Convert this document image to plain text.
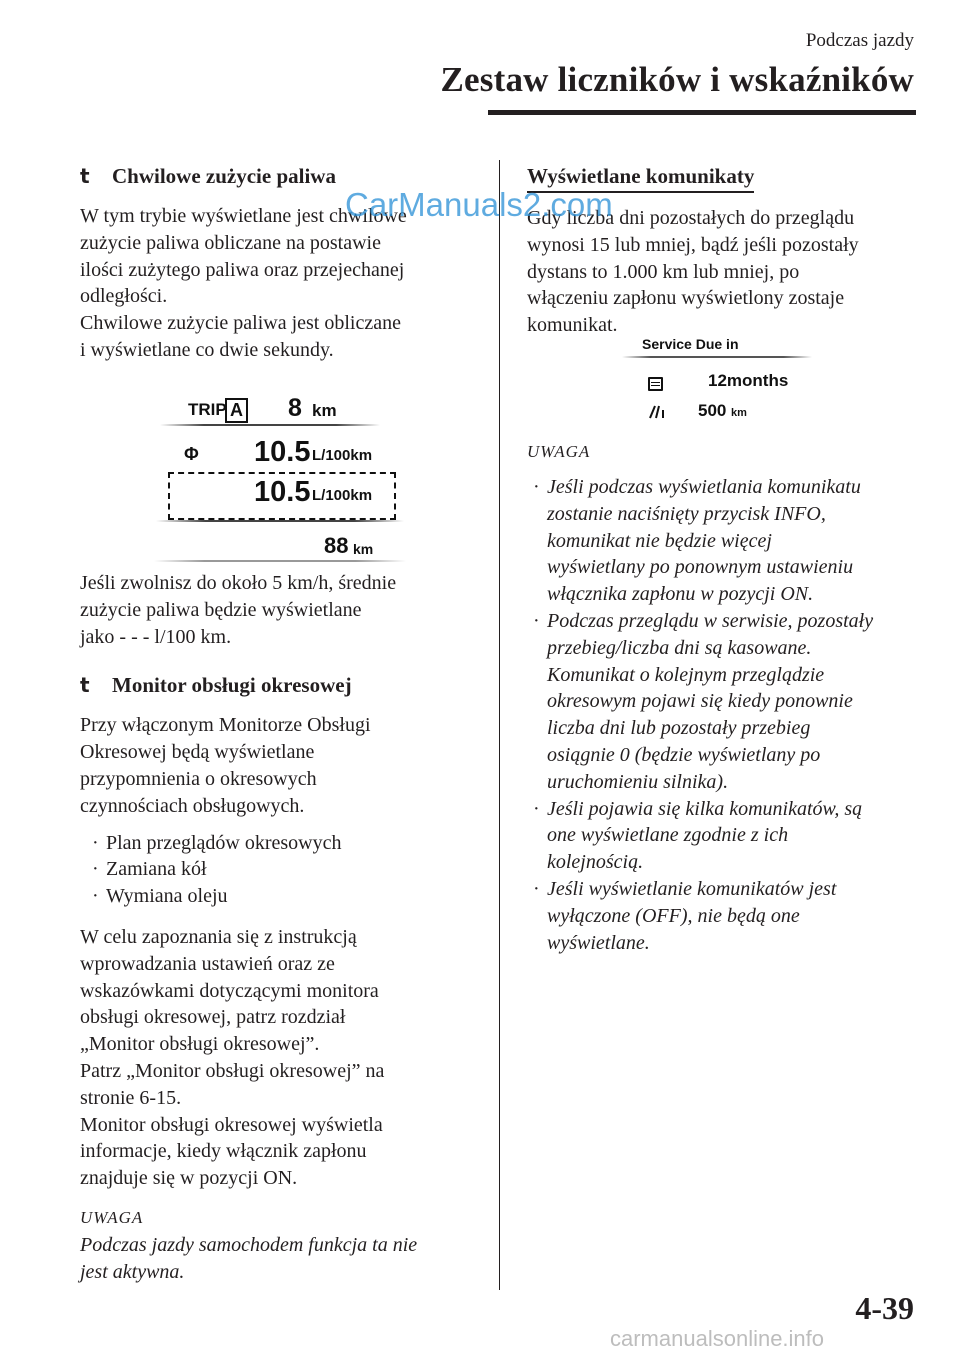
Podczas jazdy
Zestaw liczników i wskaźników
t Chwilowe zużycie paliwa

W tym trybie wyświetlane jest chwilowe
zużycie paliwa obliczane na postawie
ilości zużytego paliwa oraz przejechanej
odległości.
Chwilowe zużycie paliwa jest obliczane
i wyświetlane co dwie sekundy.

TRIP A 8 km
Φ 10.5 L/100km
10.5 L/100km
88 km

Jeśli zwolnisz do około 5 km/h, średnie
zużycie paliwa będzie wyświetlane
jako - - - l/100 km.

t Monitor obsługi okresowej

Przy włączonym Monitorze Obsługi
Okresowej będą wyświetlane
przypomnienia o okresowych
czynnościach obsługowych.

· Plan przeglądów okresowych
· Zamiana kół
· Wymiana oleju

W celu zapoznania się z instrukcją
wprowadzania ustawień oraz ze
wskazówkami dotyczącymi monitora
obsługi okresowej, patrz rozdział
„Monitor obsługi okresowej”.
Patrz „Monitor obsługi okresowej” na
stronie 6-15.
Monitor obsługi okresowej wyświetla
informacje, kiedy włącznik zapłonu
znajduje się w pozycji ON.

UWAGA

Podczas jazdy samochodem funkcja ta nie
jest aktywna.

Wyświetlane komunikaty

Gdy liczba dni pozostałych do przeglądu
wynosi 15 lub mniej, bądź jeśli pozostały
dystans to 1.000 km lub mniej, po
włączeniu zapłonu wyświetlony zostaje
komunikat.

Service Due in
12months
500 km
UWAGA
· Jeśli podczas wyświetlania komunikatu
zostanie naciśnięty przycisk INFO,
komunikat nie będzie więcej
wyświetlany po ponownym ustawieniu
włącznika zapłonu w pozycji ON.
· Podczas przeglądu w serwisie, pozostały
przebieg/liczba dni są kasowane.
Komunikat o kolejnym przeglądzie
okresowym pojawi się kiedy ponownie
liczba dni lub pozostały przebieg
osiągnie 0 (będzie wyświetlany po
uruchomieniu silnika).
· Jeśli pojawia się kilka komunikatów, są
one wyświetlane zgodnie z ich
kolejnością.
· Jeśli wyświetlanie komunikatów jest
wyłączone (OFF), nie będą one
wyświetlane.
CarManuals2.com
carmanualsonline.info
4-39
